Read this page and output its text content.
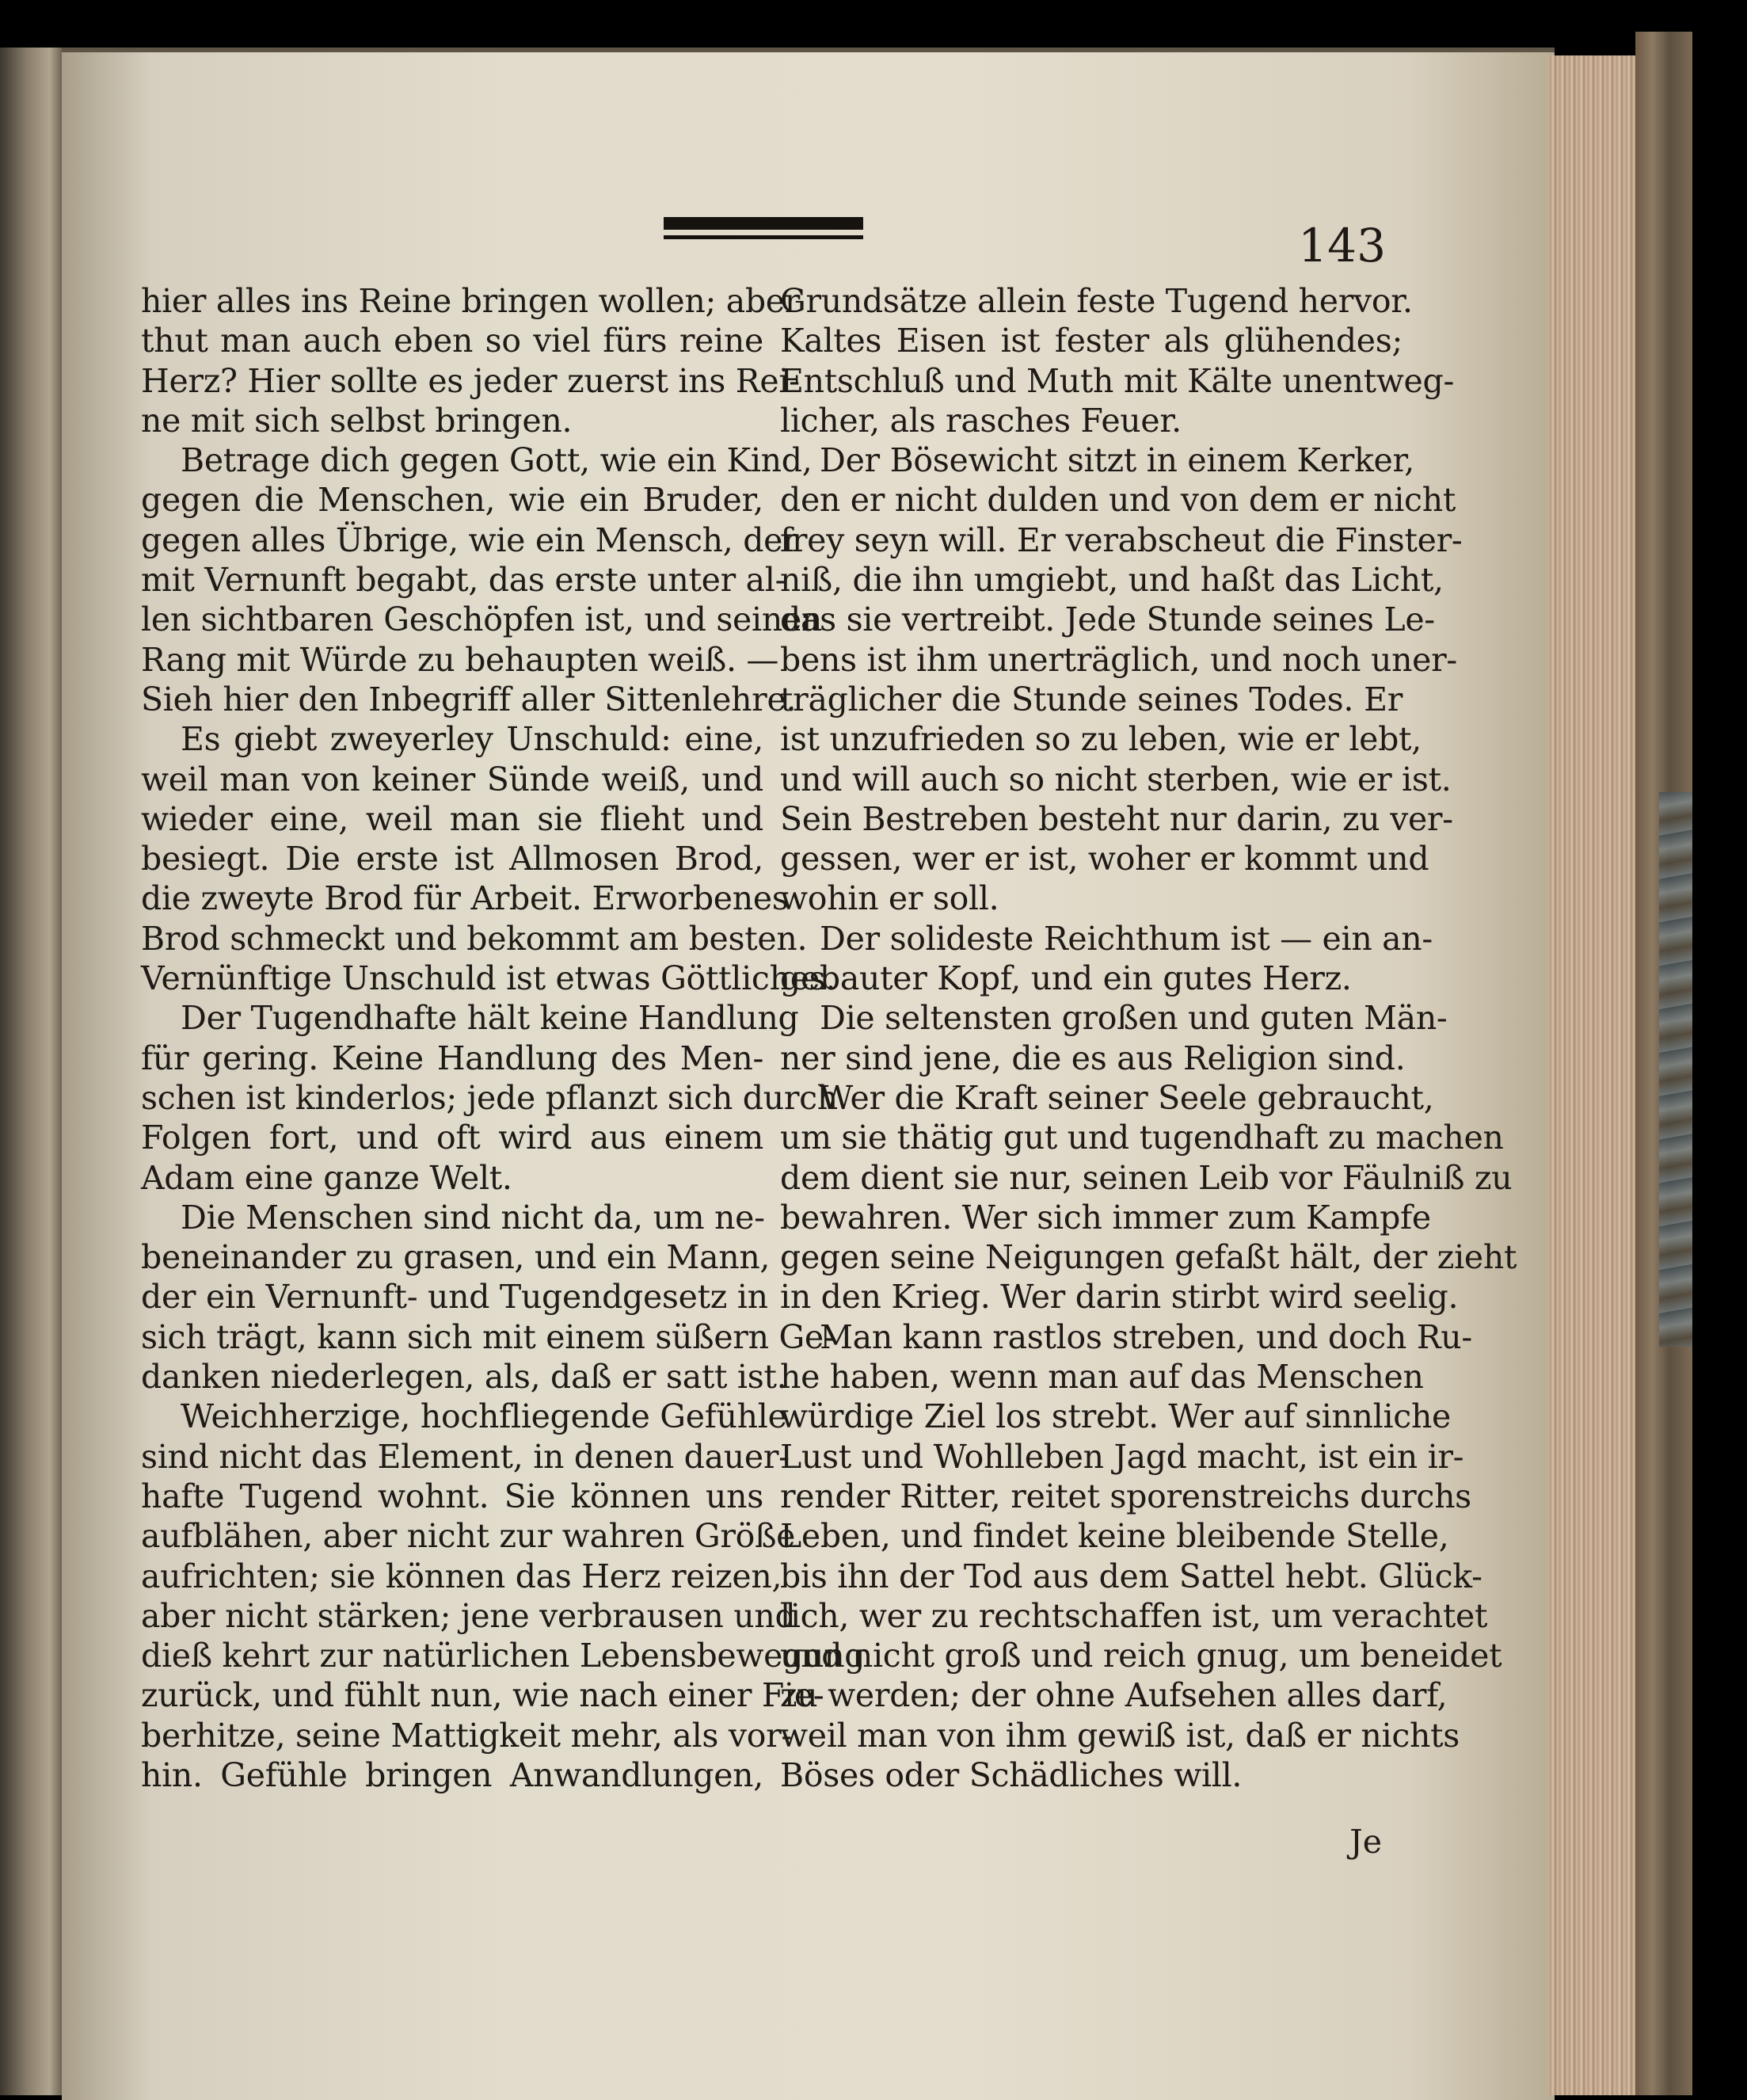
143
hier alles ins Reine bringen wollen; aber
thut man auch eben so viel fürs reine
Herz? Hier sollte es jeder zuerst ins Rei-
ne mit sich selbst bringen.
Betrage dich gegen Gott, wie ein Kind,
gegen die Menschen, wie ein Bruder,
gegen alles Übrige, wie ein Mensch, der
mit Vernunft begabt, das erste unter al-
len sichtbaren Geschöpfen ist, und seinen
Rang mit Würde zu behaupten weiß. —
Sieh hier den Inbegriff aller Sittenlehre.
Es giebt zweyerley Unschuld: eine,
weil man von keiner Sünde weiß, und
wieder eine, weil man sie flieht und
besiegt. Die erste ist Allmosen Brod,
die zweyte Brod für Arbeit. Erworbenes
Brod schmeckt und bekommt am besten.
Vernünftige Unschuld ist etwas Göttliches.
Der Tugendhafte hält keine Handlung
für gering. Keine Handlung des Men-
schen ist kinderlos; jede pflanzt sich durch
Folgen fort, und oft wird aus einem
Adam eine ganze Welt.
Die Menschen sind nicht da, um ne-
beneinander zu grasen, und ein Mann,
der ein Vernunft- und Tugendgesetz in
sich trägt, kann sich mit einem süßern Ge-
danken niederlegen, als, daß er satt ist.
Weichherzige, hochfliegende Gefühle
sind nicht das Element, in denen dauer-
hafte Tugend wohnt. Sie können uns
aufblähen, aber nicht zur wahren Größe
aufrichten; sie können das Herz reizen,
aber nicht stärken; jene verbrausen und
dieß kehrt zur natürlichen Lebensbewegung
zurück, und fühlt nun, wie nach einer Fie-
berhitze, seine Mattigkeit mehr, als vor-
hin. Gefühle bringen Anwandlungen,
Grundsätze allein feste Tugend hervor.
Kaltes Eisen ist fester als glühendes;
Entschluß und Muth mit Kälte unentweg-
licher, als rasches Feuer.
Der Bösewicht sitzt in einem Kerker,
den er nicht dulden und von dem er nicht
frey seyn will. Er verabscheut die Finster-
niß, die ihn umgiebt, und haßt das Licht,
das sie vertreibt. Jede Stunde seines Le-
bens ist ihm unerträglich, und noch uner-
träglicher die Stunde seines Todes. Er
ist unzufrieden so zu leben, wie er lebt,
und will auch so nicht sterben, wie er ist.
Sein Bestreben besteht nur darin, zu ver-
gessen, wer er ist, woher er kommt und
wohin er soll.
Der solideste Reichthum ist — ein an-
gebauter Kopf, und ein gutes Herz.
Die seltensten großen und guten Män-
ner sind jene, die es aus Religion sind.
Wer die Kraft seiner Seele gebraucht,
um sie thätig gut und tugendhaft zu machen
dem dient sie nur, seinen Leib vor Fäulniß zu
bewahren. Wer sich immer zum Kampfe
gegen seine Neigungen gefaßt hält, der zieht
in den Krieg. Wer darin stirbt wird seelig.
Man kann rastlos streben, und doch Ru-
he haben, wenn man auf das Menschen
würdige Ziel los strebt. Wer auf sinnliche
Lust und Wohlleben Jagd macht, ist ein ir-
render Ritter, reitet sporenstreichs durchs
Leben, und findet keine bleibende Stelle,
bis ihn der Tod aus dem Sattel hebt. Glück-
lich, wer zu rechtschaffen ist, um verachtet
und nicht groß und reich gnug, um beneidet
zu werden; der ohne Aufsehen alles darf,
weil man von ihm gewiß ist, daß er nichts
Böses oder Schädliches will.
Je
